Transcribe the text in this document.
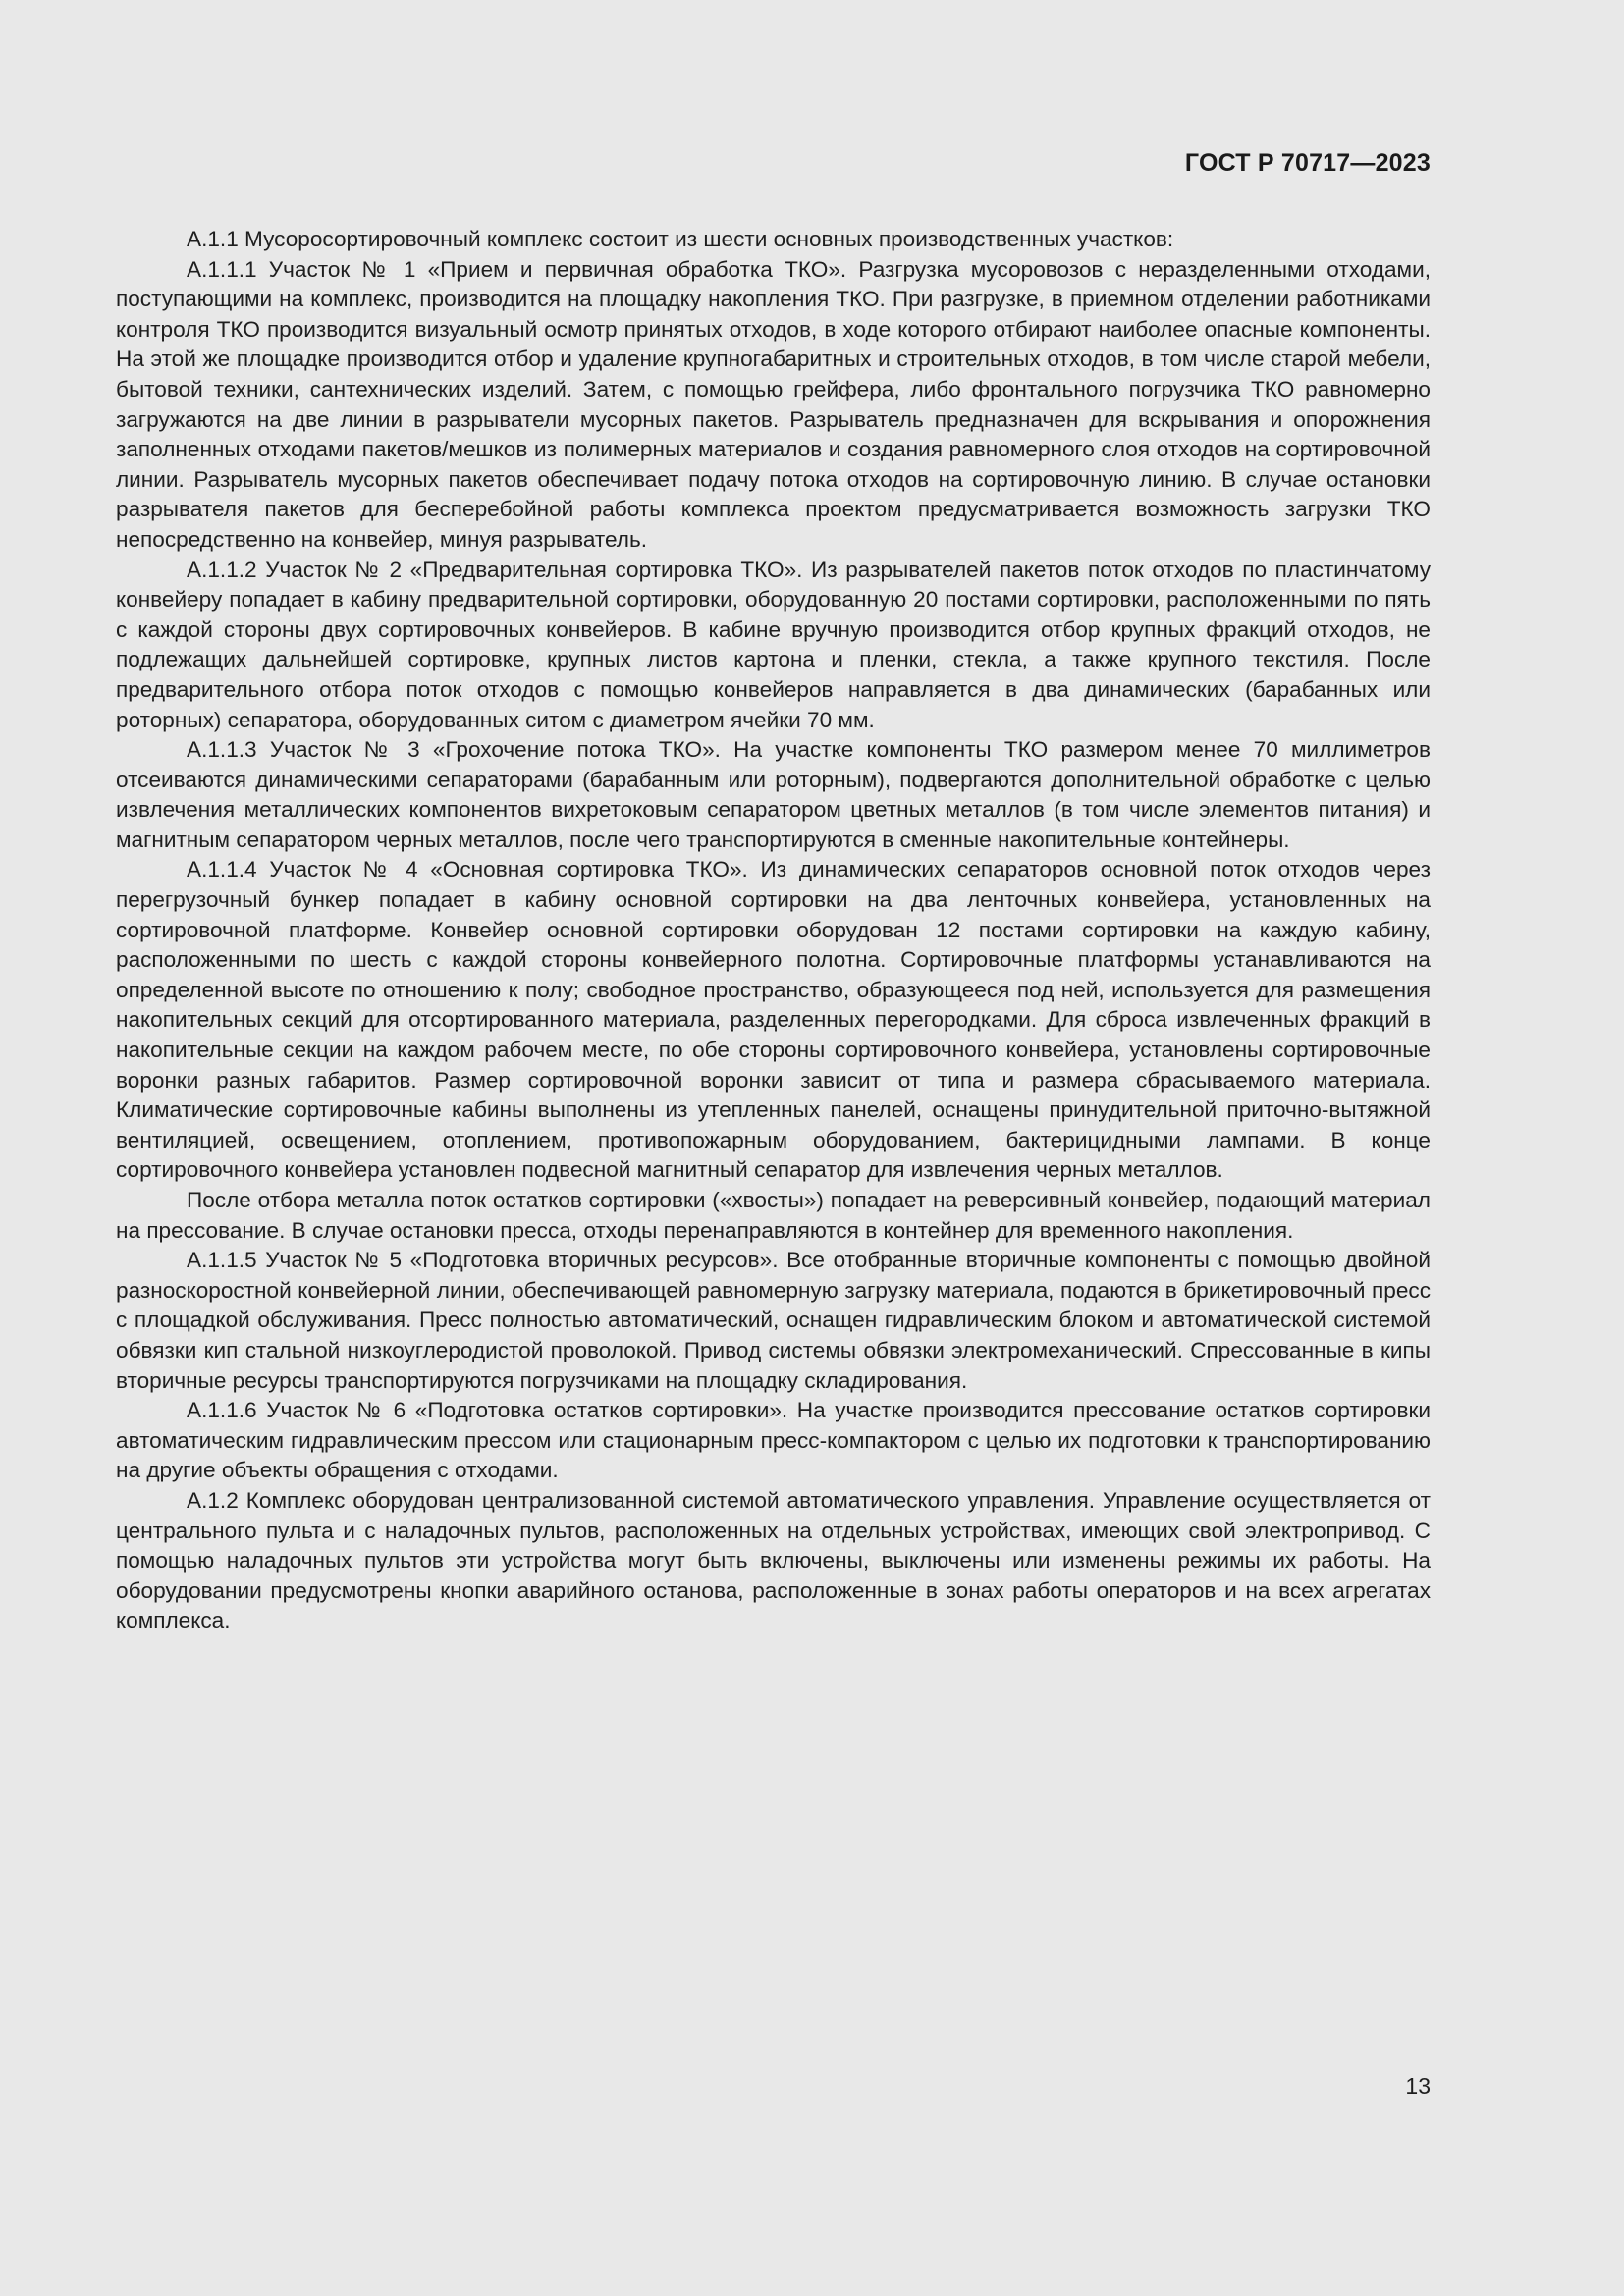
ГОСТ Р 70717—2023

А.1.1 Мусоросортировочный комплекс состоит из шести основных производственных участков:

А.1.1.1 Участок № 1 «Прием и первичная обработка ТКО». Разгрузка мусоровозов с неразделенными отходами, поступающими на комплекс, производится на площадку накопления ТКО. При разгрузке, в приемном отделении работниками контроля ТКО производится визуальный осмотр принятых отходов, в ходе которого отбирают наиболее опасные компоненты. На этой же площадке производится отбор и удаление крупногабаритных и строительных отходов, в том числе старой мебели, бытовой техники, сантехнических изделий. Затем, с помощью грейфера, либо фронтального погрузчика ТКО равномерно загружаются на две линии в разрыватели мусорных пакетов. Разрыватель предназначен для вскрывания и опорожнения заполненных отходами пакетов/мешков из полимерных материалов и создания равномерного слоя отходов на сортировочной линии. Разрыватель мусорных пакетов обеспечивает подачу потока отходов на сортировочную линию. В случае остановки разрывателя пакетов для бесперебойной работы комплекса проектом предусматривается возможность загрузки ТКО непосредственно на конвейер, минуя разрыватель.

А.1.1.2 Участок № 2 «Предварительная сортировка ТКО». Из разрывателей пакетов поток отходов по пластинчатому конвейеру попадает в кабину предварительной сортировки, оборудованную 20 постами сортировки, расположенными по пять с каждой стороны двух сортировочных конвейеров. В кабине вручную производится отбор крупных фракций отходов, не подлежащих дальнейшей сортировке, крупных листов картона и пленки, стекла, а также крупного текстиля. После предварительного отбора поток отходов с помощью конвейеров направляется в два динамических (барабанных или роторных) сепаратора, оборудованных ситом с диаметром ячейки 70 мм.

А.1.1.3 Участок № 3 «Грохочение потока ТКО». На участке компоненты ТКО размером менее 70 миллиметров отсеиваются динамическими сепараторами (барабанным или роторным), подвергаются дополнительной обработке с целью извлечения металлических компонентов вихретоковым сепаратором цветных металлов (в том числе элементов питания) и магнитным сепаратором черных металлов, после чего транспортируются в сменные накопительные контейнеры.

А.1.1.4 Участок № 4 «Основная сортировка ТКО». Из динамических сепараторов основной поток отходов через перегрузочный бункер попадает в кабину основной сортировки на два ленточных конвейера, установленных на сортировочной платформе. Конвейер основной сортировки оборудован 12 постами сортировки на каждую кабину, расположенными по шесть с каждой стороны конвейерного полотна. Сортировочные платформы устанавливаются на определенной высоте по отношению к полу; свободное пространство, образующееся под ней, используется для размещения накопительных секций для отсортированного материала, разделенных перегородками. Для сброса извлеченных фракций в накопительные секции на каждом рабочем месте, по обе стороны сортировочного конвейера, установлены сортировочные воронки разных габаритов. Размер сортировочной воронки зависит от типа и размера сбрасываемого материала. Климатические сортировочные кабины выполнены из утепленных панелей, оснащены принудительной приточно-вытяжной вентиляцией, освещением, отоплением, противопожарным оборудованием, бактерицидными лампами. В конце сортировочного конвейера установлен подвесной магнитный сепаратор для извлечения черных металлов.

После отбора металла поток остатков сортировки («хвосты») попадает на реверсивный конвейер, подающий материал на прессование. В случае остановки пресса, отходы перенаправляются в контейнер для временного накопления.

А.1.1.5 Участок № 5 «Подготовка вторичных ресурсов». Все отобранные вторичные компоненты с помощью двойной разноскоростной конвейерной линии, обеспечивающей равномерную загрузку материала, подаются в брикетировочный пресс с площадкой обслуживания. Пресс полностью автоматический, оснащен гидравлическим блоком и автоматической системой обвязки кип стальной низкоуглеродистой проволокой. Привод системы обвязки электромеханический. Спрессованные в кипы вторичные ресурсы транспортируются погрузчиками на площадку складирования.

А.1.1.6 Участок № 6 «Подготовка остатков сортировки». На участке производится прессование остатков сортировки автоматическим гидравлическим прессом или стационарным пресс-компактором с целью их подготовки к транспортированию на другие объекты обращения с отходами.

А.1.2 Комплекс оборудован централизованной системой автоматического управления. Управление осуществляется от центрального пульта и с наладочных пультов, расположенных на отдельных устройствах, имеющих свой электропривод. С помощью наладочных пультов эти устройства могут быть включены, выключены или изменены режимы их работы. На оборудовании предусмотрены кнопки аварийного останова, расположенные в зонах работы операторов и на всех агрегатах комплекса.

13
